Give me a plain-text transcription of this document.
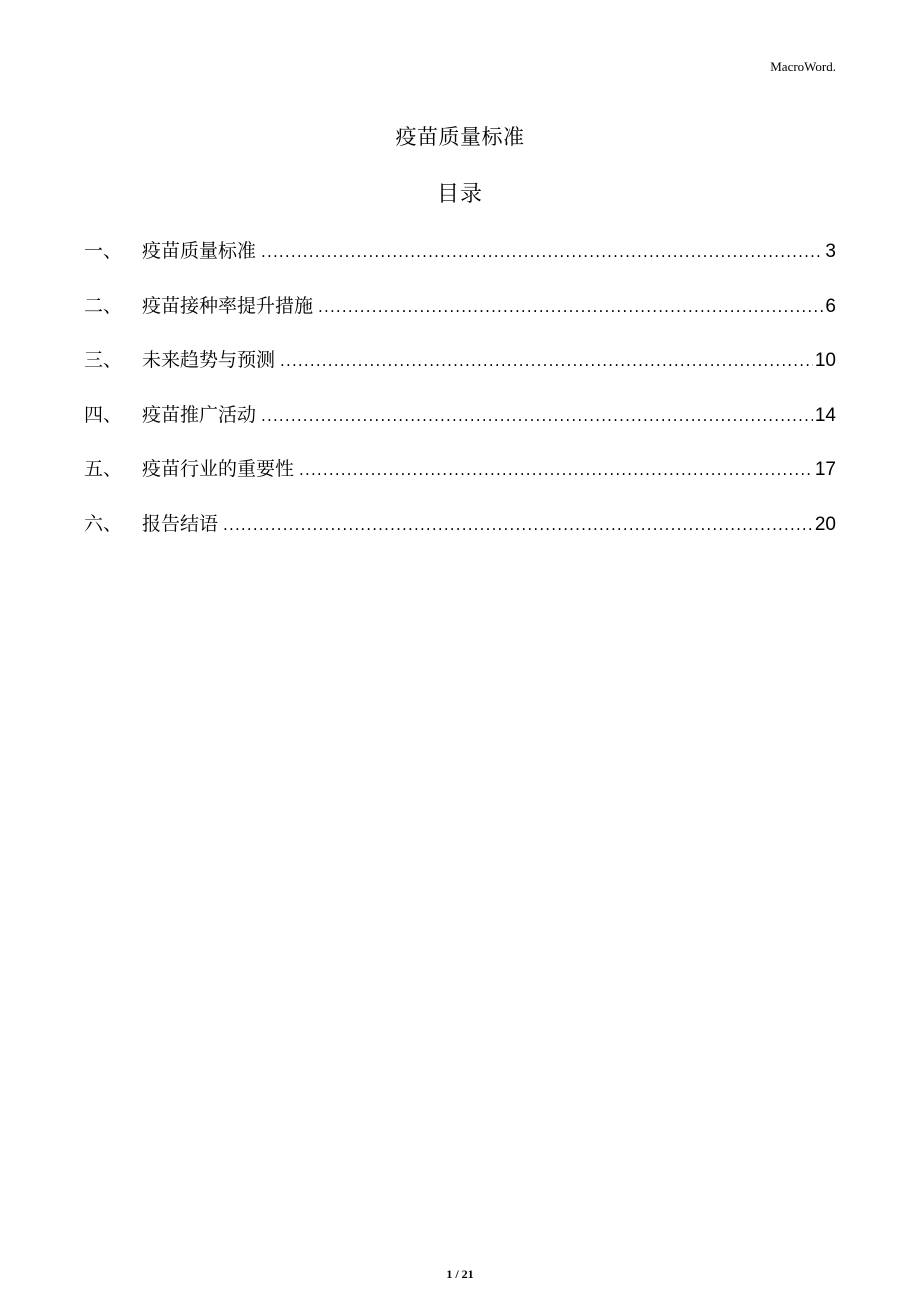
MacroWord.
疫苗质量标准
目录
一、	疫苗质量标准 .....	3
二、	疫苗接种率提升措施 .....	6
三、	未来趋势与预测 .....	10
四、	疫苗推广活动 .....	14
五、	疫苗行业的重要性 .....	17
六、	报告结语 .....	20
1 / 21
